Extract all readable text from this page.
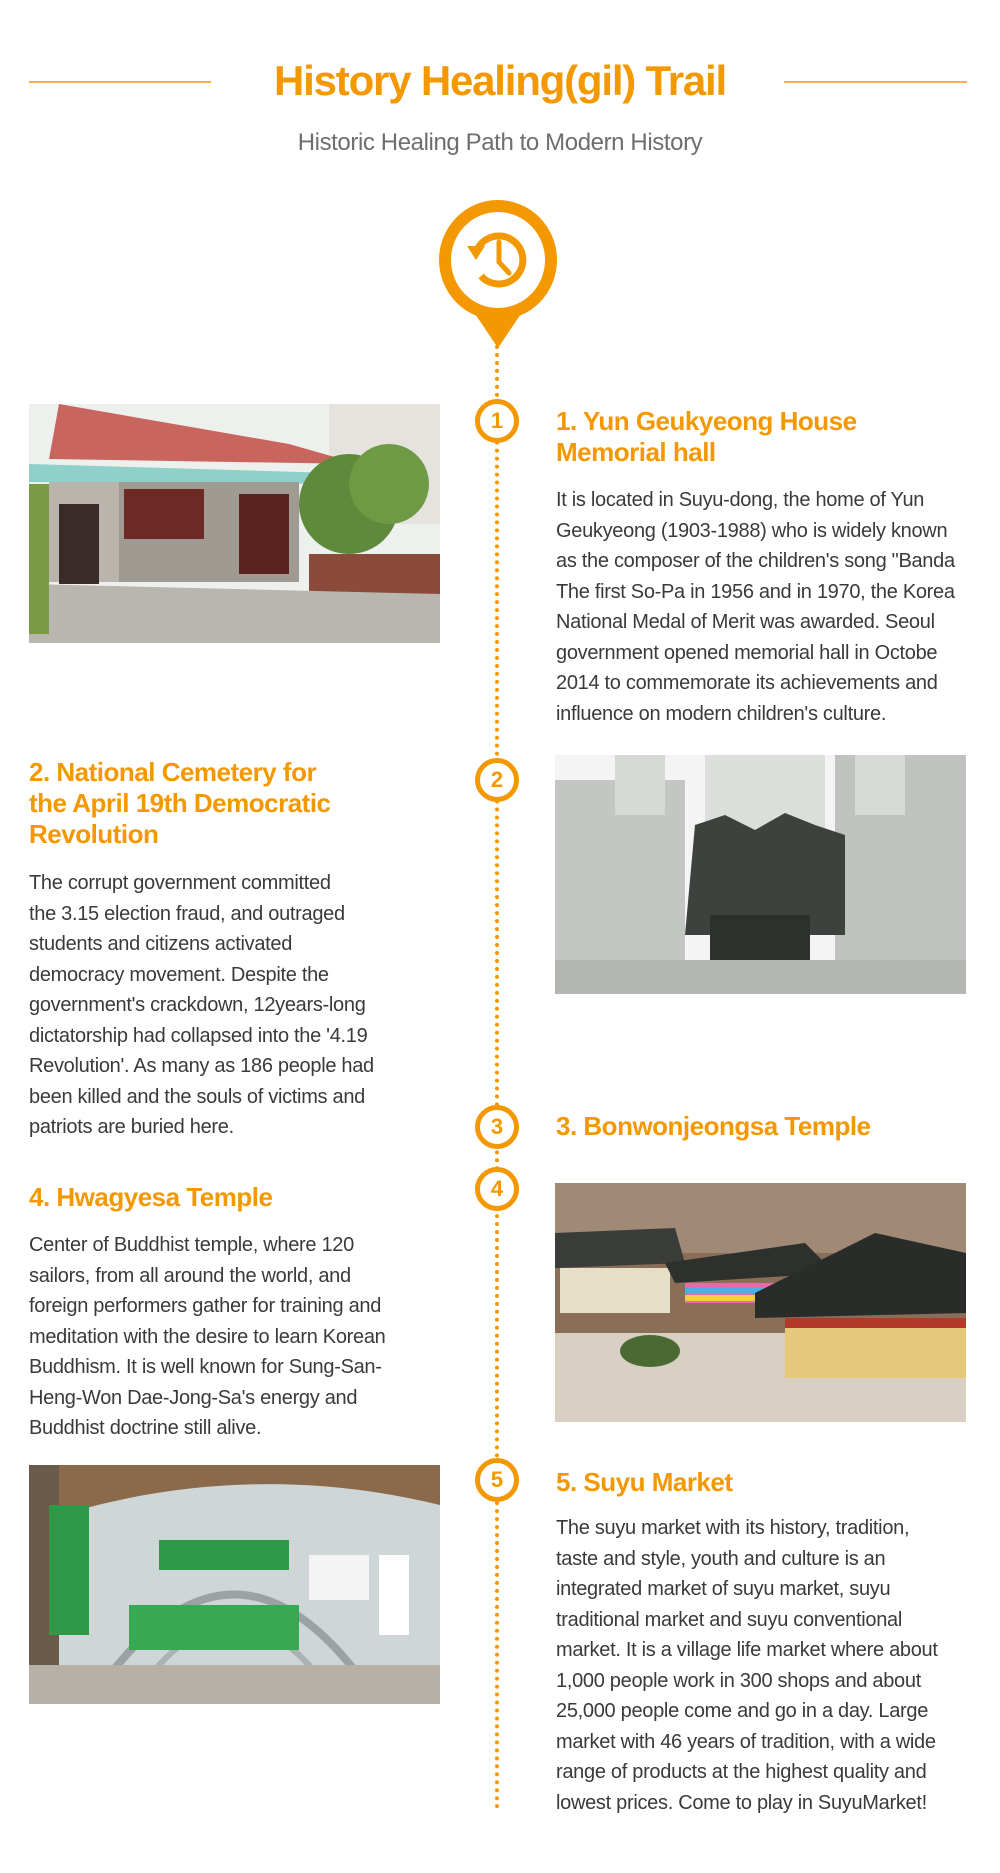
History Healing(gil) Trail
Historic Healing Path to Modern History
1	1. Yun Geukyeong House
Memorial hall
It is located in Suyu-dong, the home of Yun
Geukyeong (1903-1988) who is widely known
as the composer of the children's song "Banda
The first So-Pa in 1956 and in 1970, the Korea
National Medal of Merit was awarded. Seoul
government opened memorial hall in Octobe
2014 to commemorate its achievements and
influence on modern children's culture.
2
2. National Cemetery for
the April 19th Democratic
Revolution
The corrupt government committed
the 3.15 election fraud, and outraged
students and citizens activated
democracy movement. Despite the
government's crackdown, 12years-long
dictatorship had collapsed into the '4.19
Revolution'. As many as 186 people had
been killed and the souls of victims and
patriots are buried here.	3	3. Bonwonjeongsa Temple
4
4. Hwagyesa Temple
Center of Buddhist temple, where 120
sailors, from all around the world, and
foreign performers gather for training and
meditation with the desire to learn Korean
Buddhism. It is well known for Sung-San-
Heng-Won Dae-Jong-Sa's energy and
Buddhist doctrine still alive.
5	5. Suyu Market
The suyu market with its history, tradition,
taste and style, youth and culture is an
integrated market of suyu market, suyu
traditional market and suyu conventional
market. It is a village life market where about
1,000 people work in 300 shops and about
25,000 people come and go in a day. Large
market with 46 years of tradition, with a wide
range of products at the highest quality and
lowest prices. Come to play in SuyuMarket!
